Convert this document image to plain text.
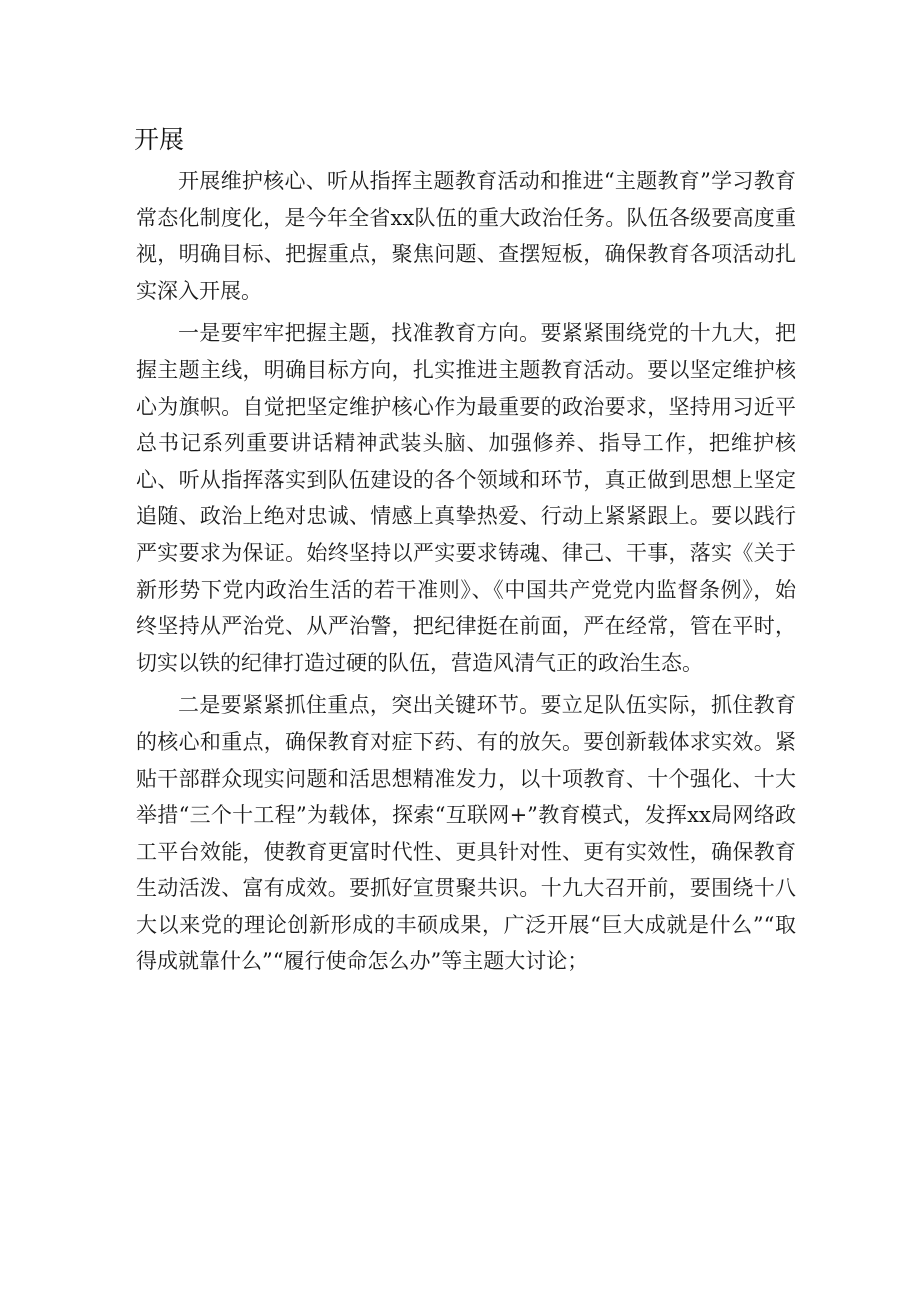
开展

开展维护核心、听从指挥主题教育活动和推进“主题教育”学习教育常态化制度化，是今年全省xx队伍的重大政治任务。队伍各级要高度重视，明确目标、把握重点，聚焦问题、查摆短板，确保教育各项活动扎实深入开展。

一是要牢牢把握主题，找准教育方向。要紧紧围绕党的十九大，把握主题主线，明确目标方向，扎实推进主题教育活动。要以坚定维护核心为旗帜。自觉把坚定维护核心作为最重要的政治要求，坚持用习近平总书记系列重要讲话精神武装头脑、加强修养、指导工作，把维护核心、听从指挥落实到队伍建设的各个领域和环节，真正做到思想上坚定追随、政治上绝对忠诚、情感上真挚热爱、行动上紧紧跟上。要以践行严实要求为保证。始终坚持以严实要求铸魂、律己、干事，落实《关于新形势下党内政治生活的若干准则》、《中国共产党党内监督条例》，始终坚持从严治党、从严治警，把纪律挺在前面，严在经常，管在平时，切实以铁的纪律打造过硬的队伍，营造风清气正的政治生态。

二是要紧紧抓住重点，突出关键环节。要立足队伍实际，抓住教育的核心和重点，确保教育对症下药、有的放矢。要创新载体求实效。紧贴干部群众现实问题和活思想精准发力，以十项教育、十个强化、十大举措“三个十工程”为载体，探索“互联网+”教育模式，发挥xx局网络政工平台效能，使教育更富时代性、更具针对性、更有实效性，确保教育生动活泼、富有成效。要抓好宣贯聚共识。十九大召开前，要围绕十八大以来党的理论创新形成的丰硕成果，广泛开展“巨大成就是什么”“取得成就靠什么”“履行使命怎么办”等主题大讨论；
